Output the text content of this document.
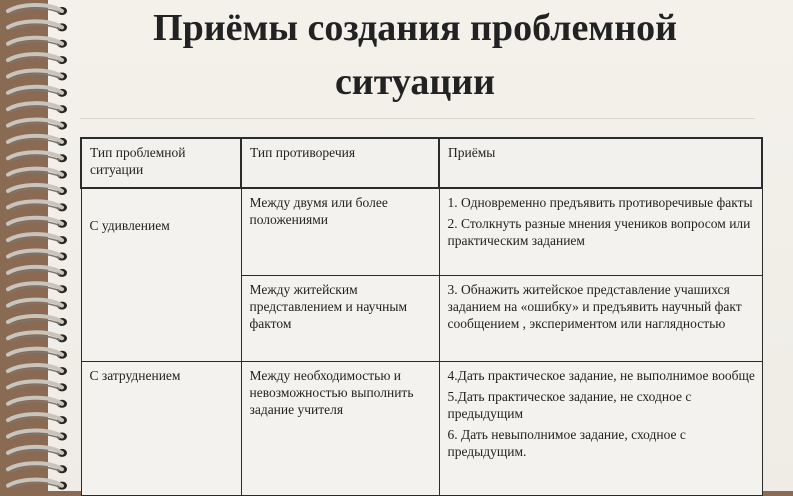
Приёмы создания проблемной
ситуации
Тип проблемной ситуации	Тип противоречия	Приёмы
С удивлением	Между двумя или более положениями	1. Одновременно предъявить противоречивые факты

2. Столкнуть разные мнения учеников вопросом или практическим заданием

	Между житейским представлением и научным фактом	3. Обнажить житейское представление учашихся заданием на «ошибку» и предъявить научный факт сообщением , экспериментом или наглядностью

С затруднением	Между необходимостью и невозможностью выполнить задание учителя	4.Дать практическое задание, не выполнимое вообще

5.Дать практическое задание, не сходное с предыдущим

6. Дать невыполнимое задание, сходное с предыдущим.
